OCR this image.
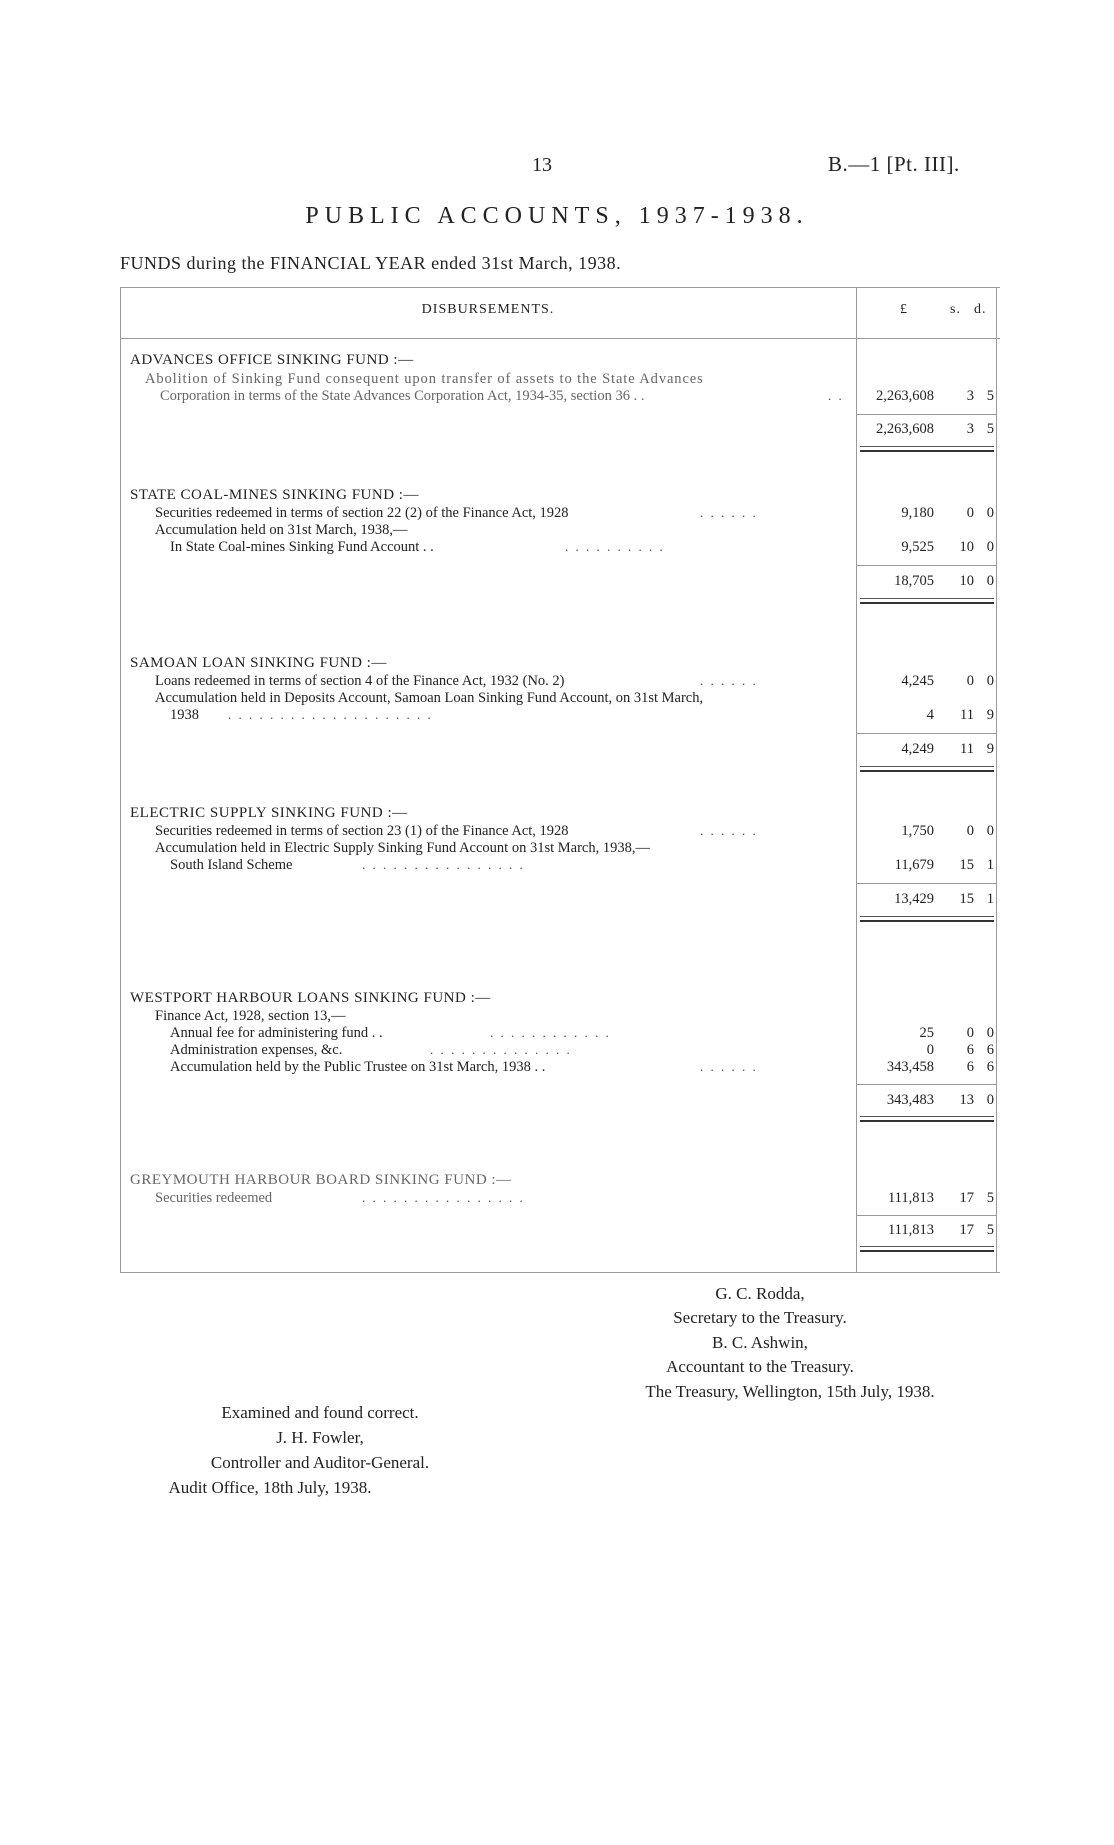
13	B.—1 [Pt. III].
PUBLIC ACCOUNTS, 1937-1938.
FUNDS during the FINANCIAL YEAR ended 31st March, 1938.
DISBURSEMENTS.	£	s. d.
ADVANCES OFFICE SINKING FUND :—
Abolition of Sinking Fund consequent upon transfer of assets to the State Advances
Corporation in terms of the State Advances Corporation Act, 1934-35, section 36 . .	. . 2,263,608	3 5
2,263,608	3 5
STATE COAL-MINES SINKING FUND :—
Securities redeemed in terms of section 22 (2) of the Finance Act, 1928	. . . . . .	9,180	0 0
Accumulation held on 31st March, 1938,—
In State Coal-mines Sinking Fund Account . .	. . . . . . . . . .	9,525	10 0
18,705	10 0
SAMOAN LOAN SINKING FUND :—
Loans redeemed in terms of section 4 of the Finance Act, 1932 (No. 2)	. . . . . .	4,245	0 0
Accumulation held in Deposits Account, Samoan Loan Sinking Fund Account, on 31st March,
1938 . . . . . . . . . . . . . . . . . . . .	4	11 9
4,249	11 9
ELECTRIC SUPPLY SINKING FUND :—
Securities redeemed in terms of section 23 (1) of the Finance Act, 1928	. . . . . .	1,750	0 0
Accumulation held in Electric Supply Sinking Fund Account on 31st March, 1938,—
South Island Scheme	. . . . . . . . . . . . . . . .	11,679	15 1
13,429	15 1
WESTPORT HARBOUR LOANS SINKING FUND :—
Finance Act, 1928, section 13,—
Annual fee for administering fund . .	. . . . . . . . . . . .	25	0 0
Administration expenses, &c.	. . . . . . . . . . . . . .	0	6 6
Accumulation held by the Public Trustee on 31st March, 1938 . .	. . . . . .	343,458	6 6
343,483	13 0
GREYMOUTH HARBOUR BOARD SINKING FUND :—
Securities redeemed	. . . . . . . . . . . . . . . .	111,813	17 5
111,813	17 5
G. C. Rodda,
Secretary to the Treasury.
B. C. Ashwin,
Accountant to the Treasury.
The Treasury, Wellington, 15th July, 1938.
Examined and found correct.
J. H. Fowler,
Controller and Auditor-General.
Audit Office, 18th July, 1938.
